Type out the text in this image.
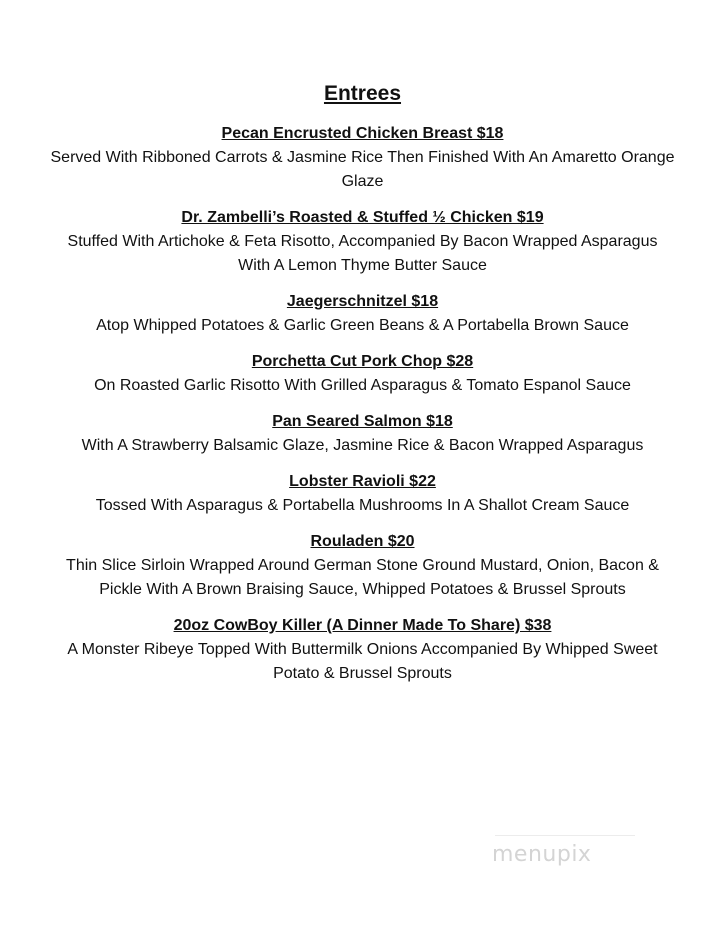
Entrees
Pecan Encrusted Chicken Breast $18
Served With Ribboned Carrots & Jasmine Rice Then Finished With An Amaretto Orange Glaze
Dr. Zambelli’s Roasted & Stuffed ½ Chicken $19
Stuffed With Artichoke & Feta Risotto, Accompanied By Bacon Wrapped Asparagus With A Lemon Thyme Butter Sauce
Jaegerschnitzel $18
Atop Whipped Potatoes & Garlic Green Beans & A Portabella Brown Sauce
Porchetta Cut Pork Chop $28
On Roasted Garlic Risotto With Grilled Asparagus & Tomato Espanol Sauce
Pan Seared Salmon $18
With A Strawberry Balsamic Glaze, Jasmine Rice & Bacon Wrapped Asparagus
Lobster Ravioli $22
Tossed With Asparagus & Portabella Mushrooms In A Shallot Cream Sauce
Rouladen $20
Thin Slice Sirloin Wrapped Around German Stone Ground Mustard, Onion, Bacon & Pickle With A Brown Braising Sauce, Whipped Potatoes & Brussel Sprouts
20oz CowBoy Killer (A Dinner Made To Share) $38
A Monster Ribeye Topped With Buttermilk Onions Accompanied By Whipped Sweet Potato & Brussel Sprouts
menupix
